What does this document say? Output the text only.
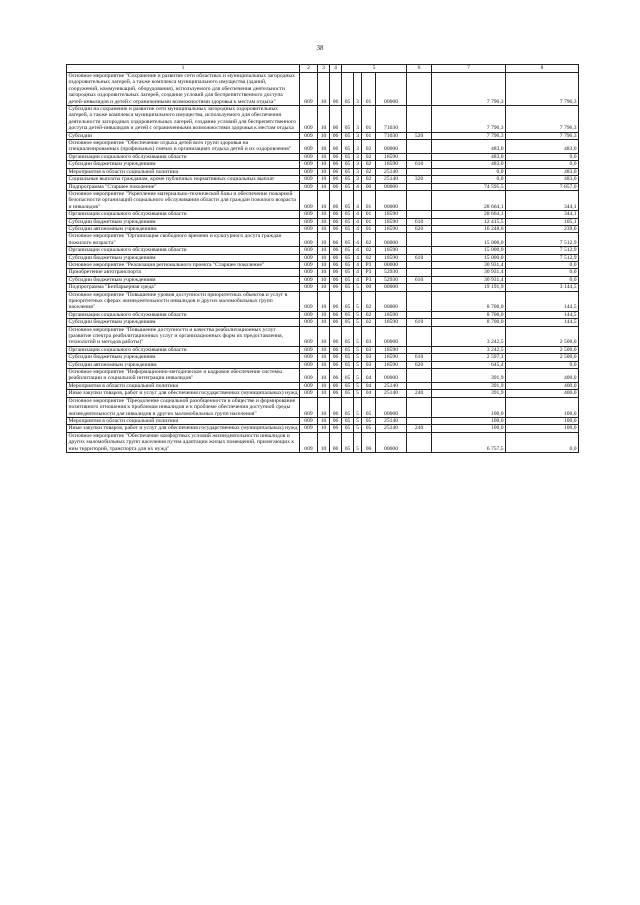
38
1	2	3	4	5				6	7	8
Основное мероприятие "Сохранение и развитие сети областных и муниципальных загородных оздоровительных лагерей, а также комплекса муниципального имущества (зданий, сооружений, коммуникаций, оборудования), используемого для обеспечения деятельности загородных оздоровительных лагерей, создание условий для беспрепятственного доступа детей-инвалидов и детей с ограниченными возможностями здоровья к местам отдыха"	009	10	06	05	3	01	00000		7 796,3	7 796,3
Субсидии на сохранение и развитие сети муниципальных загородных оздоровительных лагерей, а также комплекса муниципального имущества, используемого для обеспечения деятельности загородных оздоровительных лагерей, создание условий для беспрепятственного доступа детей-инвалидов и детей с ограниченными возможностями здоровья к местам отдыха	009	10	06	05	3	01	71030		7 796,3	7 796,3
Субсидии	009	10	06	05	3	01	71030	520	7 796,3	7 796,3
Основное мероприятие "Обеспечение отдыха детей всех групп здоровья на специализированных (профильных) сменах в организациях отдыха детей и их оздоровления"	009	10	06	05	3	02	00000		483,0	483,0
Организации социального обслуживания области	009	10	06	05	3	02	18590		483,0	0,0
Субсидии бюджетным учреждениям	009	10	06	05	3	02	18590	610	483,0	0,0
Мероприятия в области социальной политики	009	10	06	05	3	02	25140		0,0	483,0
Социальные выплаты гражданам, кроме публичных нормативных социальных выплат	009	10	06	05	3	02	25140	320	0,0	483,0
Подпрограмма "Старшее поколение"	009	10	06	05	4	00	00000		74 595,5	7 857,0
Основное мероприятие "Укрепление материально-технической базы и обеспечение пожарной безопасности организаций социального обслуживания области для граждан пожилого возраста и инвалидов"	009	10	06	05	4	01	00000		28 664,1	344,1
Организации социального обслуживания области	009	10	06	05	4	01	18590		28 664,1	344,1
Субсидии бюджетным учреждениям	009	10	06	05	4	01	18590	610	12 415,5	105,1
Субсидии автономным учреждениям	009	10	06	05	4	01	18590	620	16 248,6	239,0
Основное мероприятие "Организация свободного времени и культурного досуга граждан пожилого возраста"	009	10	06	05	4	02	00000		15 000,0	7 512,9
Организации социального обслуживания области	009	10	06	05	4	02	18590		15 000,0	7 512,9
Субсидии бюджетным учреждениям	009	10	06	05	4	02	18590	610	15 000,0	7 512,9
Основное мероприятие "Реализация регионального проекта "Старшее поколение"	009	10	06	05	4	P3	00000		30 931,4	0,0
Приобретение автотранспорта	009	10	06	05	4	P3	52930		30 931,4	0,0
Субсидии бюджетным учреждениям	009	10	06	05	4	P3	52930	610	30 931,4	0,0
Подпрограмма "Безбарьерная среда"	009	10	06	05	5	00	00000		19 191,9	3 144,5
Основное мероприятие "Повышение уровня доступности приоритетных объектов и услуг в приоритетных сферах жизнедеятельности инвалидов и других маломобильных групп населения"	009	10	06	05	5	02	00000		8 700,0	144,5
Организации социального обслуживания области	009	10	06	05	5	02	18590		8 700,0	144,5
Субсидии бюджетным учреждениям	009	10	06	05	5	02	18590	610	8 700,0	144,5
Основное мероприятие "Повышение доступности и качества реабилитационных услуг (развитие спектра реабилитационных услуг и организационных форм их предоставления, технологий и методов работы)"	009	10	06	05	5	03	00000		3 242,5	2 500,0
Организации социального обслуживания области	009	10	06	05	5	03	18590		3 242,5	2 500,0
Субсидии бюджетным учреждениям	009	10	06	05	5	03	18590	610	2 597,1	2 500,0
Субсидии автономным учреждениям	009	10	06	05	5	03	18590	620	645,4	0,0
Основное мероприятие "Информационно-методическое и кадровое обеспечение системы реабилитации и социальной интеграции инвалидов"	009	10	06	05	5	04	00000		391,9	400,0
Мероприятия в области социальной политики	009	10	06	05	5	04	25140		391,9	400,0
Иные закупки товаров, работ и услуг для обеспечения государственных (муниципальных) нужд	009	10	06	05	5	04	25140	240	391,9	400,0
Основное мероприятие "Преодоление социальной разобщенности в обществе и формирование позитивного отношения к проблемам инвалидов и к проблеме обеспечения доступной среды жизнедеятельности для инвалидов и других маломобильных групп населения"	009	10	06	05	5	05	00000		100,0	100,0
Мероприятия в области социальной политики	009	10	06	05	5	05	25140		100,0	100,0
Иные закупки товаров, работ и услуг для обеспечения государственных (муниципальных) нужд	009	10	06	05	5	05	25140	240	100,0	100,0
Основное мероприятие "Обеспечение комфортных условий жизнедеятельности инвалидов и других маломобильных групп населения путем адаптации жилых помещений, прилегающих к ним территорий, транспорта для их нужд"	009	10	06	05	5	06	00000		6 757,5	0,0
